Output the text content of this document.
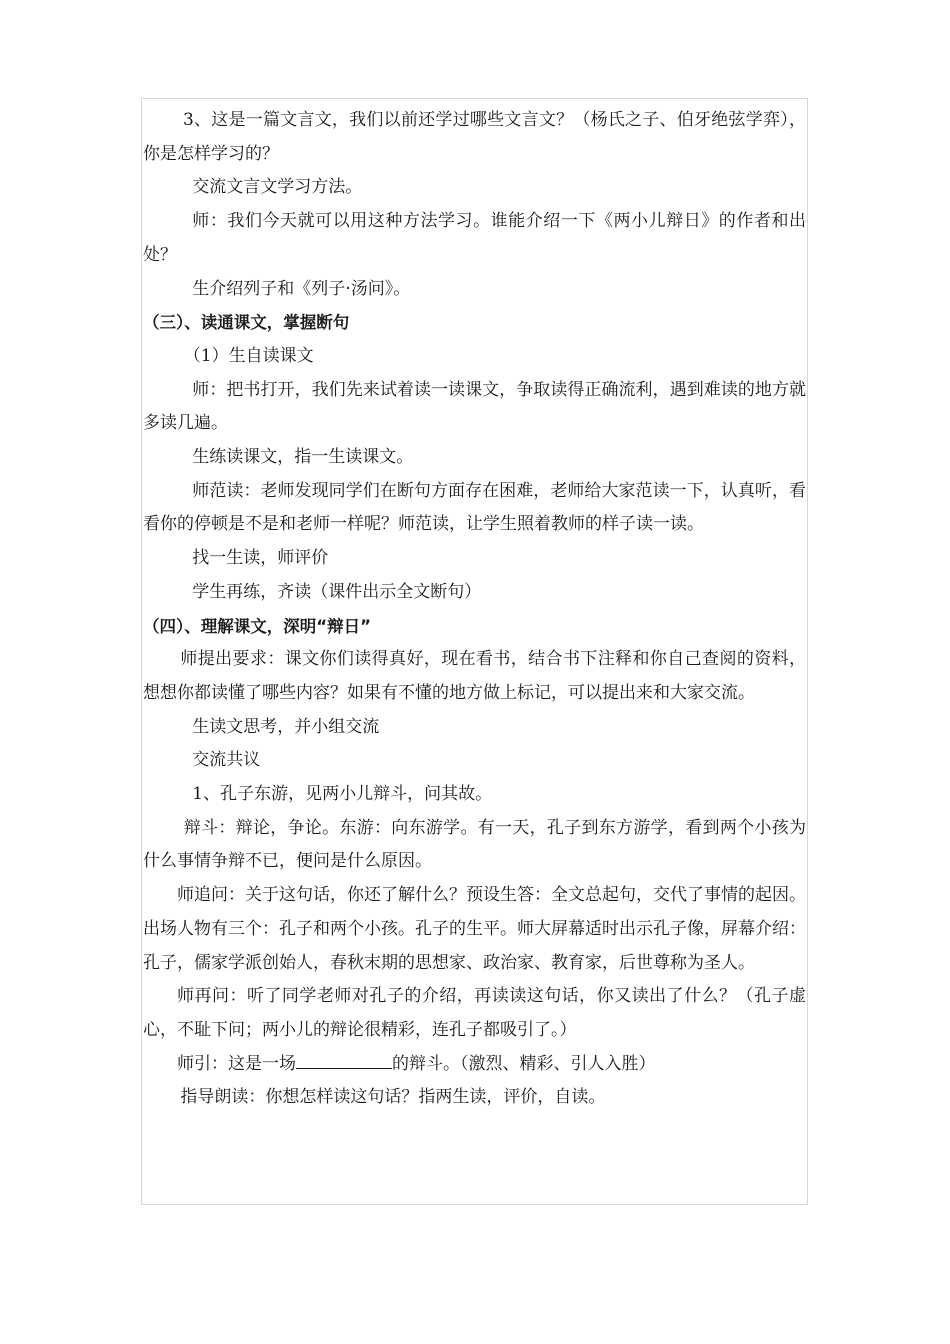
3、这是一篇文言文，我们以前还学过哪些文言文？（杨氏之子、伯牙绝弦学弈），你是怎样学习的？

交流文言文学习方法。

师：我们今天就可以用这种方法学习。谁能介绍一下《两小儿辩日》的作者和出处？

生介绍列子和《列子·汤问》。

（三）、读通课文，掌握断句

（1）生自读课文

师：把书打开，我们先来试着读一读课文，争取读得正确流利，遇到难读的地方就多读几遍。

生练读课文，指一生读课文。

师范读：老师发现同学们在断句方面存在困难，老师给大家范读一下，认真听，看看你的停顿是不是和老师一样呢？师范读，让学生照着教师的样子读一读。

找一生读，师评价

学生再练，齐读（课件出示全文断句）

（四）、理解课文，深明“辩日”

师提出要求：课文你们读得真好，现在看书，结合书下注释和你自己查阅的资料，想想你都读懂了哪些内容？如果有不懂的地方做上标记，可以提出来和大家交流。

生读文思考，并小组交流

交流共议

1、孔子东游，见两小儿辩斗，问其故。

辩斗：辩论，争论。东游：向东游学。有一天，孔子到东方游学，看到两个小孩为什么事情争辩不已，便问是什么原因。

师追问：关于这句话，你还了解什么？预设生答：全文总起句，交代了事情的起因。出场人物有三个：孔子和两个小孩。孔子的生平。师大屏幕适时出示孔子像，屏幕介绍：孔子，儒家学派创始人，春秋末期的思想家、政治家、教育家，后世尊称为圣人。

师再问：听了同学老师对孔子的介绍，再读读这句话，你又读出了什么？（孔子虚心，不耻下问；两小儿的辩论很精彩，连孔子都吸引了。）

师引：这是一场	的辩斗。（激烈、精彩、引人入胜）

指导朗读：你想怎样读这句话？指两生读，评价，自读。
